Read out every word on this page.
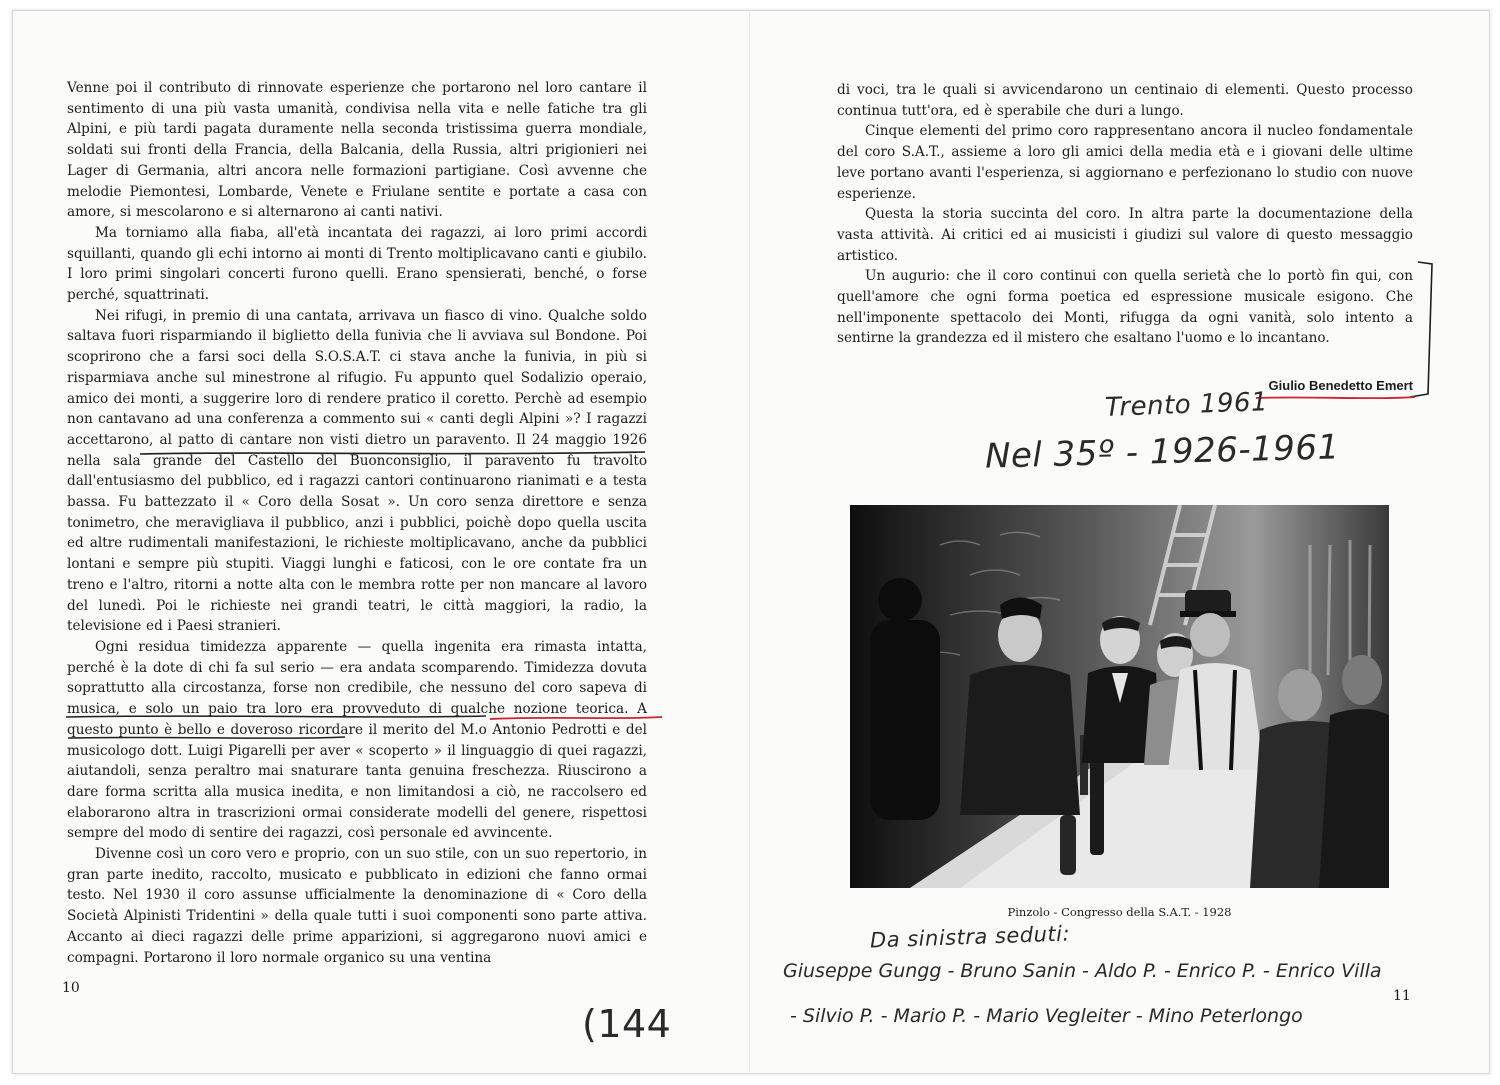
Venne poi il contributo di rinnovate esperienze che portarono nel loro cantare il sentimento di una più vasta umanità, condivisa nella vita e nelle fatiche tra gli Alpini, e più tardi pagata duramente nella seconda tristissima guerra mondiale, soldati sui fronti della Francia, della Balcania, della Russia, altri prigionieri nei Lager di Germania, altri ancora nelle formazioni partigiane. Così avvenne che melodie Piemontesi, Lombarde, Venete e Friulane sentite e portate a casa con amore, si mescolarono e si alternarono ai canti nativi.

Ma torniamo alla fiaba, all'età incantata dei ragazzi, ai loro primi accordi squillanti, quando gli echi intorno ai monti di Trento moltiplicavano canti e giubilo. I loro primi singolari concerti furono quelli. Erano spensierati, benché, o forse perché, squattrinati.

Nei rifugi, in premio di una cantata, arrivava un fiasco di vino. Qualche soldo saltava fuori risparmiando il biglietto della funivia che li avviava sul Bondone. Poi scoprirono che a farsi soci della S.O.S.A.T. ci stava anche la funivia, in più si risparmiava anche sul minestrone al rifugio. Fu appunto quel Sodalizio operaio, amico dei monti, a suggerire loro di rendere pratico il coretto. Perchè ad esempio non cantavano ad una conferenza a commento sui « canti degli Alpini »? I ragazzi accettarono, al patto di cantare non visti dietro un paravento. Il 24 maggio 1926 nella sala grande del Castello del Buonconsiglio, il paravento fu travolto dall'entusiasmo del pubblico, ed i ragazzi cantori continuarono rianimati e a testa bassa. Fu battezzato il « Coro della Sosat ». Un coro senza direttore e senza tonimetro, che meravigliava il pubblico, anzi i pubblici, poichè dopo quella uscita ed altre rudimentali manifestazioni, le richieste moltiplicavano, anche da pubblici lontani e sempre più stupiti. Viaggi lunghi e faticosi, con le ore contate fra un treno e l'altro, ritorni a notte alta con le membra rotte per non mancare al lavoro del lunedì. Poi le richieste nei grandi teatri, le città maggiori, la radio, la televisione ed i Paesi stranieri.

Ogni residua timidezza apparente — quella ingenita era rimasta intatta, perché è la dote di chi fa sul serio — era andata scomparendo. Timidezza dovuta soprattutto alla circostanza, forse non credibile, che nessuno del coro sapeva di musica, e solo un paio tra loro era provveduto di qualche nozione teorica. A questo punto è bello e doveroso ricordare il merito del M.o Antonio Pedrotti e del musicologo dott. Luigi Pigarelli per aver « scoperto » il linguaggio di quei ragazzi, aiutandoli, senza peraltro mai snaturare tanta genuina freschezza. Riuscirono a dare forma scritta alla musica inedita, e non limitandosi a ciò, ne raccolsero ed elaborarono altra in trascrizioni ormai considerate modelli del genere, rispettosi sempre del modo di sentire dei ragazzi, così personale ed avvincente.

Divenne così un coro vero e proprio, con un suo stile, con un suo repertorio, in gran parte inedito, raccolto, musicato e pubblicato in edizioni che fanno ormai testo. Nel 1930 il coro assunse ufficialmente la denominazione di « Coro della Società Alpinisti Tridentini » della quale tutti i suoi componenti sono parte attiva. Accanto ai dieci ragazzi delle prime apparizioni, si aggregarono nuovi amici e compagni. Portarono il loro normale organico su una ventina

10

di voci, tra le quali si avvicendarono un centinaio di elementi. Questo processo continua tutt'ora, ed è sperabile che duri a lungo.

Cinque elementi del primo coro rappresentano ancora il nucleo fondamentale del coro S.A.T., assieme a loro gli amici della media età e i giovani delle ultime leve portano avanti l'esperienza, si aggiornano e perfezionano lo studio con nuove esperienze.

Questa la storia succinta del coro. In altra parte la documentazione della vasta attività. Ai critici ed ai musicisti i giudizi sul valore di questo messaggio artistico.

Un augurio: che il coro continui con quella serietà che lo portò fin qui, con quell'amore che ogni forma poetica ed espressione musicale esigono. Che nell'imponente spettacolo dei Monti, rifugga da ogni vanità, solo intento a sentirne la grandezza ed il mistero che esaltano l'uomo e lo incantano.

Giulio Benedetto Emert
Trento 1961
Nel 35º - 1926-1961
Pinzolo - Congresso della S.A.T. - 1928
Da sinistra seduti:
Giuseppe Gungg - Bruno Sanin - Aldo P. - Enrico P. - Enrico Villa
- Silvio P. - Mario P. - Mario Vegleiter - Mino Peterlongo
(144
11
